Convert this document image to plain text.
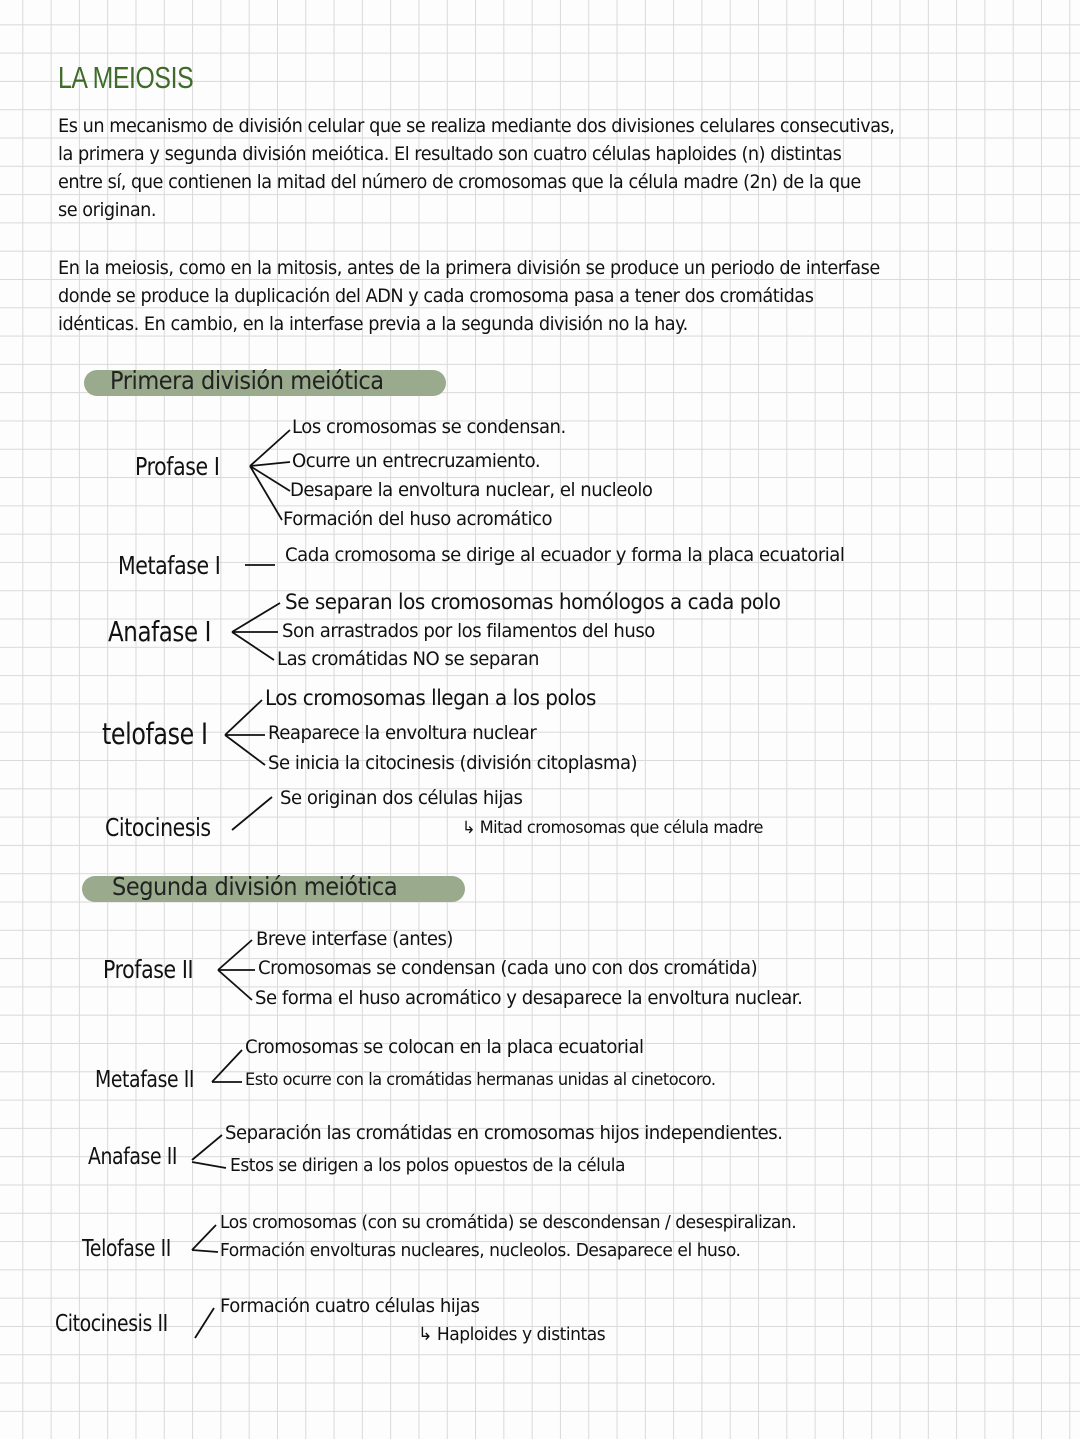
LA MEIOSIS
Es un mecanismo de división celular que se realiza mediante dos divisiones celulares consecutivas,
la primera y segunda división meiótica. El resultado son cuatro células haploides (n) distintas
entre sí, que contienen la mitad del número de cromosomas que la célula madre (2n) de la que
se originan.
En la meiosis, como en la mitosis, antes de la primera división se produce un periodo de interfase
donde se produce la duplicación del ADN y cada cromosoma pasa a tener dos cromátidas
idénticas. En cambio, en la interfase previa a la segunda división no la hay.
Primera división meiótica
Profase I
Los cromosomas se condensan.
Ocurre un entrecruzamiento.
Desapare la envoltura nuclear, el nucleolo
Formación del huso acromático
Metafase I	Cada cromosoma se dirige al ecuador y forma la placa ecuatorial
Anafase I
Se separan los cromosomas homólogos a cada polo
Son arrastrados por los filamentos del huso
Las cromátidas NO se separan
telofase I
Los cromosomas llegan a los polos
Reaparece la envoltura nuclear
Se inicia la citocinesis (división citoplasma)
Citocinesis
Se originan dos células hijas
↳ Mitad cromosomas que célula madre
Segunda división meiótica
Profase II
Breve interfase (antes)
Cromosomas se condensan (cada uno con dos cromátida)
Se forma el huso acromático y desaparece la envoltura nuclear.
Metafase II
Cromosomas se colocan en la placa ecuatorial
Esto ocurre con la cromátidas hermanas unidas al cinetocoro.
Anafase II
Separación las cromátidas en cromosomas hijos independientes.
Estos se dirigen a los polos opuestos de la célula
Telofase II
Los cromosomas (con su cromátida) se descondensan / desespiralizan.
Formación envolturas nucleares, nucleolos. Desaparece el huso.
Citocinesis II
Formación cuatro células hijas
↳ Haploides y distintas
